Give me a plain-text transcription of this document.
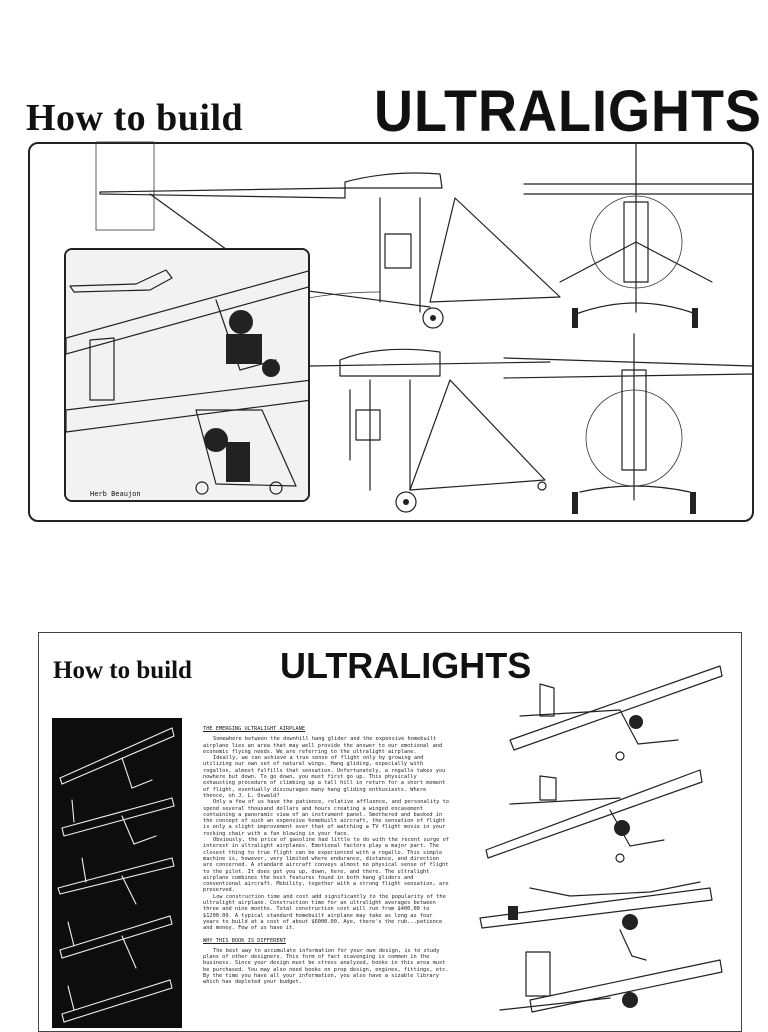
How to build ULTRALIGHTS
Herb Beaujon
How to build ULTRALIGHTS
THE EMERGING ULTRALIGHT AIRPLANE

Somewhere between the downhill hang glider and the expensive homebuilt airplane lies an area that may well provide the answer to our emotional and economic flying needs. We are referring to the ultralight airplane.

Ideally, we can achieve a true sense of flight only by growing and utilizing our own set of natural wings. Hang gliding, especially with rogallos, almost fulfills that sensation. Unfortunately, a rogallo takes you nowhere but down. To go down, you must first go up. This physically exhausting procedure of climbing up a tall hill in return for a short moment of flight, eventually discourages many hang gliding enthusiasts. Where thence, oh J. L. Oswald?

Only a few of us have the patience, relative affluence, and personality to spend several thousand dollars and hours creating a winged encasement containing a panoramic view of an instrument panel. Smothered and basked in the concept of such an expensive homebuilt aircraft, the sensation of flight is only a slight improvement over that of watching a TV flight movie in your rocking chair with a fan blowing in your face.

Obviously, the price of gasoline had little to do with the recent surge of interest in ultralight airplanes. Emotional factors play a major part. The closest thing to true flight can be experienced with a rogallo. This simple machine is, however, very limited where endurance, distance, and direction are concerned. A standard aircraft conveys almost no physical sense of flight to the pilot. It does get you up, down, here, and there. The ultralight airplane combines the best features found in both hang gliders and conventional aircraft. Mobility, together with a strong flight sensation, are preserved.

Low construction time and cost add significantly to the popularity of the ultralight airplane. Construction time for an ultralight averages between three and nine months. Total construction cost will run from $400.00 to $1200.00. A typical standard homebuilt airplane may take as long as four years to build at a cost of about $6000.00. Aye, there's the rub...patience and money. Few of us have it.

WHY THIS BOOK IS DIFFERENT

The best way to accumulate information for your own design, is to study plans of other designers. This form of fact scavenging is common in the business. Since your design must be stress analyzed, books in this area must be purchased. You may also need books on prop design, engines, fittings, etc. By the time you have all your information, you also have a sizable library which has depleted your budget.
